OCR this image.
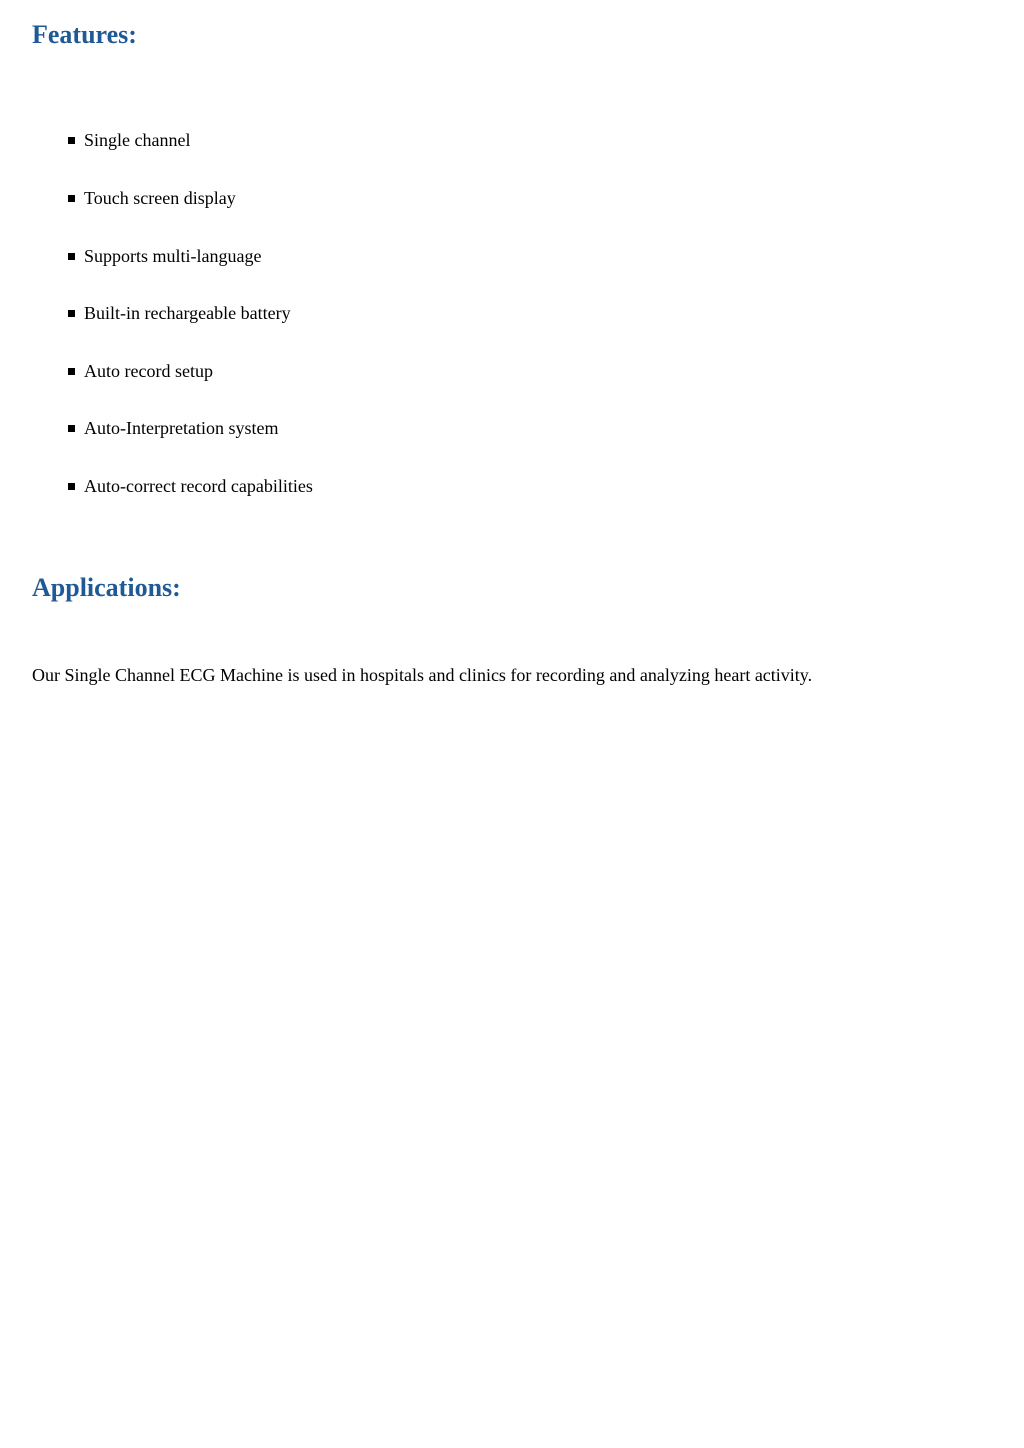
Features:
Single channel
Touch screen display
Supports multi-language
Built-in rechargeable battery
Auto record setup
Auto-Interpretation system
Auto-correct record capabilities
Applications:

Our Single Channel ECG Machine is used in hospitals and clinics for recording and analyzing heart activity.
